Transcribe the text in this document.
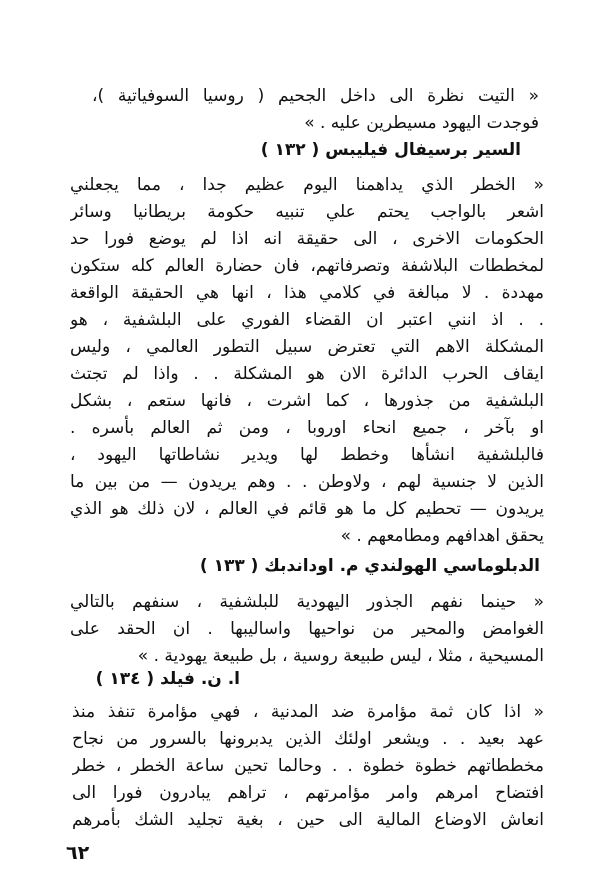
« التيت نظرة الى داخل الجحيم ( روسيا السوفياتية )،
فوجدت اليهود مسيطرين عليه . »
السير برسيفال فيليبس ( ١٣٢ )
« الخطر الذي يداهمنا اليوم عظيم جدا ، مما يجعلني
اشعر بالواجب يحتم علي تنبيه حكومة بريطانيا وسائر
الحكومات الاخرى ، الى حقيقة انه اذا لم يوضع فورا حد
لمخططات البلاشفة وتصرفاتهم، فان حضارة العالم كله ستكون
مهددة . لا مبالغة في كلامي هذا ، انها هي الحقيقة الواقعة
. . اذ انني اعتبر ان القضاء الفوري على البلشفية ، هو
المشكلة الاهم التي تعترض سبيل التطور العالمي ، وليس
ايقاف الحرب الدائرة الان هو المشكلة . . واذا لم تجتث
البلشفية من جذورها ، كما اشرت ، فانها ستعم ، بشكل
او بآخر ، جميع انحاء اوروبا ، ومن ثم العالم بأسره .
فالبلشفية انشأها وخطط لها ويدير نشاطاتها اليهود ،
الذين لا جنسية لهم ، ولاوطن . . وهم يريدون — من بين ما
يريدون — تحطيم كل ما هو قائم في العالم ، لان ذلك هو الذي
يحقق اهدافهم ومطامعهم . »
الدبلوماسي الهولندي م. اوداندبك ( ١٣٣ )
« حينما نفهم الجذور اليهودية للبلشفية ، سنفهم بالتالي
الغوامض والمحير من نواحيها واساليبها . ان الحقد على
المسيحية ، مثلا ، ليس طبيعة روسية ، بل طبيعة يهودية . »
ا. ن. فيلد ( ١٣٤ )
« اذا كان ثمة مؤامرة ضد المدنية ، فهي مؤامرة تنفذ منذ
عهد بعيد . . ويشعر اولئك الذين يدبرونها بالسرور من نجاح
مخططاتهم خطوة خطوة . . وحالما تحين ساعة الخطر ، خطر
افتضاح امرهم وامر مؤامرتهم ، تراهم يبادرون فورا الى
انعاش الاوضاع المالية الى حين ، بغية تجليد الشك بأمرهم
٦٢
